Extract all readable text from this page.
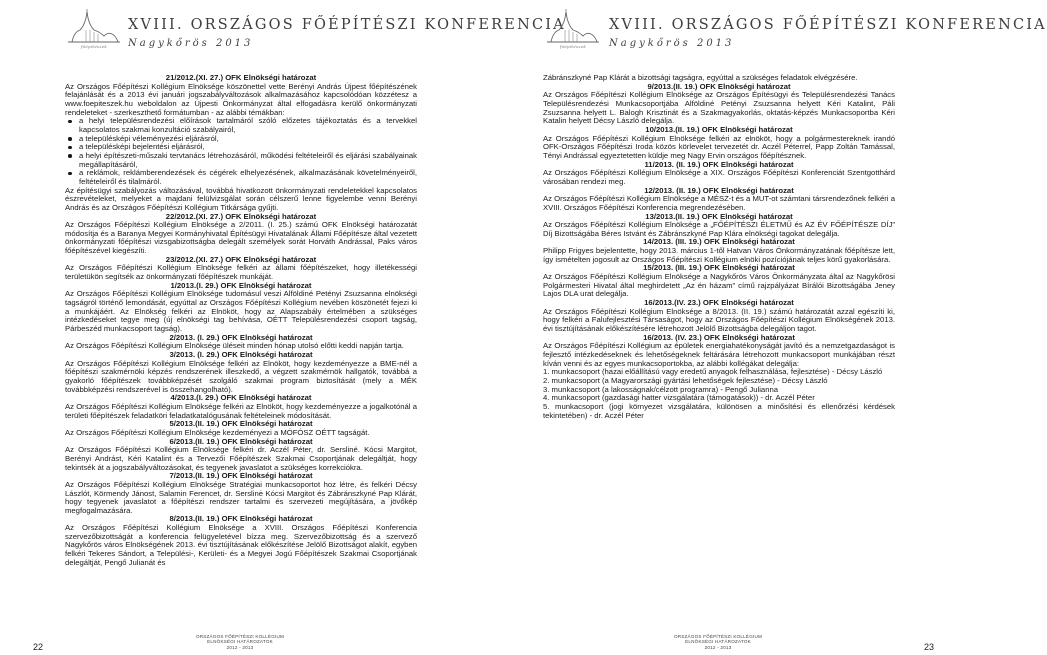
főépítészek
XVIII. ORSZÁGOS FŐÉPÍTÉSZI KONFERENCIA
Nagykőrös 2013

21/2012.(XI. 27.) OFK Elnökségi határozat

Az Országos Főépítészi Kollégium Elnöksége köszönettel vette Berényi András Újpest főépítészének felajánlását és a 2013 évi januári jogszabályváltozások alkalmazásához kapcsolódóan közzétesz a www.foepiteszek.hu weboldalon az Újpesti Önkormányzat által elfogadásra kerülő önkormányzati rendeleteket - szerkeszthető formátumban - az alábbi témákban:

a helyi településrendezési előírások tartalmáról szóló előzetes tájékoztatás és a tervekkel kapcsolatos szakmai konzultáció szabályairól,
a településképi véleményezési eljárásról,
a településképi bejelentési eljárásról,
a helyi építészeti-műszaki tervtanács létrehozásáról, működési feltételeiről és eljárási szabályainak megállapításáról,
a reklámok, reklámberendezések és cégérek elhelyezésének, alkalmazásának követelményeiről, feltételeiről és tilalmáról.

Az építésügyi szabályozás változásával, továbbá hivatkozott önkormányzati rendeletekkel kapcsolatos észrevételeket, melyeket a majdani felülvizsgálat során célszerű lenne figyelembe venni Berényi András és az Országos Főépítészi Kollégium Titkársága gyűjti.

22/2012.(XI. 27.) OFK Elnökségi határozat

Az Országos Főépítészi Kollégium Elnöksége a 2/2011. (I. 25.) számú OFK Elnökségi határozatát módosítja és a Baranya Megyei Kormányhivatal Építésügyi Hivatalának Állami Főépítésze által vezetett önkormányzati főépítészi vizsgabizottságba delegált személyek sorát Horváth Andrással, Paks város főépítészével kiegészíti.

23/2012.(XI. 27.) OFK Elnökségi határozat

Az Országos Főépítészi Kollégium Elnöksége felkéri az állami főépítészeket, hogy illetékességi területükön segítsék az önkormányzati főépítészek munkáját.

1/2013.(I. 29.) OFK Elnökségi határozat

Az Országos Főépítészi Kollégium Elnöksége tudomásul veszi Alföldiné Petényi Zsuzsanna elnökségi tagságról történő lemondását, egyúttal az Országos Főépítészi Kollégium nevében köszönetét fejezi ki a munkájáért. Az Elnökség felkéri az Elnököt, hogy az Alapszabály értelmében a szükséges intézkedéseket tegye meg (új elnökségi tag behívása, OÉTT Településrendezési csoport tagság, Párbeszéd munkacsoport tagság).

2/2013. (I. 29.) OFK Elnökségi határozat

Az Országos Főépítészi Kollégium Elnöksége üléseit minden hónap utolsó előtti keddi napján tartja.

3/2013. (I. 29.) OFK Elnökségi határozat

Az Országos Főépítészi Kollégium Elnöksége felkéri az Elnököt, hogy kezdeményezze a BME-nél a főépítészi szakmérnöki képzés rendszerének illeszkedő, a végzett szakmérnök hallgatók, továbbá a gyakorló főépítészek továbbképzését szolgáló szakmai program biztosítását (mely a MÉK továbbképzési rendszerével is összehangolható).

4/2013.(I. 29.) OFK Elnökségi határozat

Az Országos Főépítészi Kollégium Elnöksége felkéri az Elnököt, hogy kezdeményezze a jogalkotónál a területi főépítészek feladatköri feladatkatalógusának feltételeinek módosítását.

5/2013.(II. 19.) OFK Elnökségi határozat

Az Országos Főépítészi Kollégium Elnöksége kezdeményezi a MÓFÓSZ OÉTT tagságát.

6/2013.(II. 19.) OFK Elnökségi határozat

Az Országos Főépítészi Kollégium Elnöksége felkéri dr. Aczél Péter, dr. Sersliné. Kócsi Margitot, Berényi Andrást, Kéri Katalint és a Tervezői Főépítészek Szakmai Csoportjának delegáltját, hogy tekintsék át a jogszabályváltozásokat, és tegyenek javaslatot a szükséges korrekciókra.

7/2013.(II. 19.) OFK Elnökségi határozat

Az Országos Főépítészi Kollégium Elnöksége Stratégiai munkacsoportot hoz létre, és felkéri Décsy Lászlót, Körmendy Jánost, Salamin Ferencet, dr. Serslinė Kócsi Margitot és Zábránszkyné Pap Klárát, hogy tegyenek javaslatot a főépítészi rendszer tartalmi és szervezeti megújítására, a jövőkép megfogalmazására.

8/2013.(II. 19.) OFK Elnökségi határozat

Az Országos Főépítészi Kollégium Elnöksége a XVIII. Országos Főépítészi Konferencia szervezőbizottságát a konferencia felügyeletével bízza meg. Szervezőbizottság és a szervező Nagykőrös város Elnökségének 2013. évi tisztújításának előkészítése Jelölő Bizottságot alakít, egyben felkéri Tekeres Sándort, a Települési-, Kerületi- és a Megyei Jogú Főépítészek Szakmai Csoportjának delegáltját, Pengő Julianát és

ORSZÁGOS FŐÉPÍTÉSZI KOLLÉGIUM
ELNÖKSÉGI HATÁROZATOK
2012 - 2013
22
főépítészek
XVIII. ORSZÁGOS FŐÉPÍTÉSZI KONFERENCIA
Nagykőrös 2013

Zábránszkyné Pap Klárát a bizottsági tagságra, egyúttal a szükséges feladatok elvégzésére.

9/2013.(II. 19.) OFK Elnökségi határozat

Az Országos Főépítészi Kollégium Elnöksége az Országos Építésügyi és Településrendezési Tanács Településrendezési Munkacsoportjába Alföldiné Petényi Zsuzsanna helyett Kéri Katalint, Páli Zsuzsanna helyett L. Balogh Krisztinát és a Szakmagyakorlás, oktatás-képzés Munkacsoportba Kéri Katalin helyett Décsy László delegálja.

10/2013.(II. 19.) OFK Elnökségi határozat

Az Országos Főépítészi Kollégium Elnöksége felkéri az elnököt, hogy a polgármestereknek irandó OFK-Országos Főépítészi Iroda közös körlevelet tervezetét dr. Aczél Péterrel, Papp Zoltán Tamással, Tényi Andrással egyeztetetten küldje meg Nagy Ervin országos főépítésznek.

11/2013. (II. 19.) OFK Elnökségi határozat

Az Országos Főépítészi Kollégium Elnöksége a XIX. Országos Főépítészi Konferenciát Szentgotthárd városában rendezi meg.

12/2013. (II. 19.) OFK Elnökségi határozat

Az Országos Főépítészi Kollégium Elnöksége a MÉSZ-t és a MUT-ot számtani társrendezőnek felkéri a XVIII. Országos Főépítészi Konferencia megrendezésében.

13/2013.(II. 19.) OFK Elnökségi határozat

Az Országos Főépítészi Kollégium Elnöksége a „FŐÉPÍTÉSZI ÉLETMŰ és AZ ÉV FŐÉPÍTÉSZE DÍJ” Díj Bizottságába Béres Istvánt és Zábránszkyné Pap Klára elnökségi tagokat delegálja.

14/2013. (III. 19.) OFK Elnökségi határozat

Philipp Frigyes bejelentette, hogy 2013. március 1-től Hatvan Város Önkormányzatának főépítésze lett, így ismételten jogosult az Országos Főépítészi Kollégium elnöki pozíciójának teljes körű gyakorlására.

15/2013. (III. 19.) OFK Elnökségi határozat

Az Országos Főépítészi Kollégium Elnöksége a Nagykőrös Város Önkormányzata által az Nagykőrösi Polgármesteri Hivatal által meghirdetett „Az én házam” című rajzpályázat Bírálói Bizottságába Jeney Lajos DLA urat delegálja.

16/2013.(IV. 23.) OFK Elnökségi határozat

Az Országos Főépítészi Kollégium Elnöksége a 8/2013. (II. 19.) számú határozatát azzal egészíti ki, hogy felkéri a Falufejlesztési Társaságot, hogy az Országos Főépítészi Kollégium Elnökségének 2013. évi tisztújításának előkészítésére létrehozott Jelölő Bizottságba delegáljon tagot.

16/2013. (IV. 23.) OFK Elnökségi határozat

Az Országos Főépítészi Kollégium az épületek energiahatékonyságát javító és a nemzetgazdaságot is fejlesztő intézkedéseknek és lehetőségeknek feltárására létrehozott munkacsoport munkájában részt kíván venni és az egyes munkacsoportokba, az alábbi kollégákat delegálja:

1. munkacsoport (hazai előállítású vagy eredetű anyagok felhasználása, fejlesztése) - Décsy László

2. munkacsoport (a Magyarországi gyártási lehetőségek fejlesztése) - Décsy László

3. munkacsoport (a lakosságnak/célzott programra) - Pengő Julianna

4. munkacsoport (gazdasági hatter vizsgálatára (támogatások)) - dr. Aczél Péter

5. munkacsoport (jogi környezet vizsgálatára, különösen a minősítési és ellenőrzési kérdések tekintetében) - dr. Aczél Péter

ORSZÁGOS FŐÉPÍTÉSZI KOLLÉGIUM
ELNÖKSÉGI HATÁROZATOK
2012 - 2013	23
